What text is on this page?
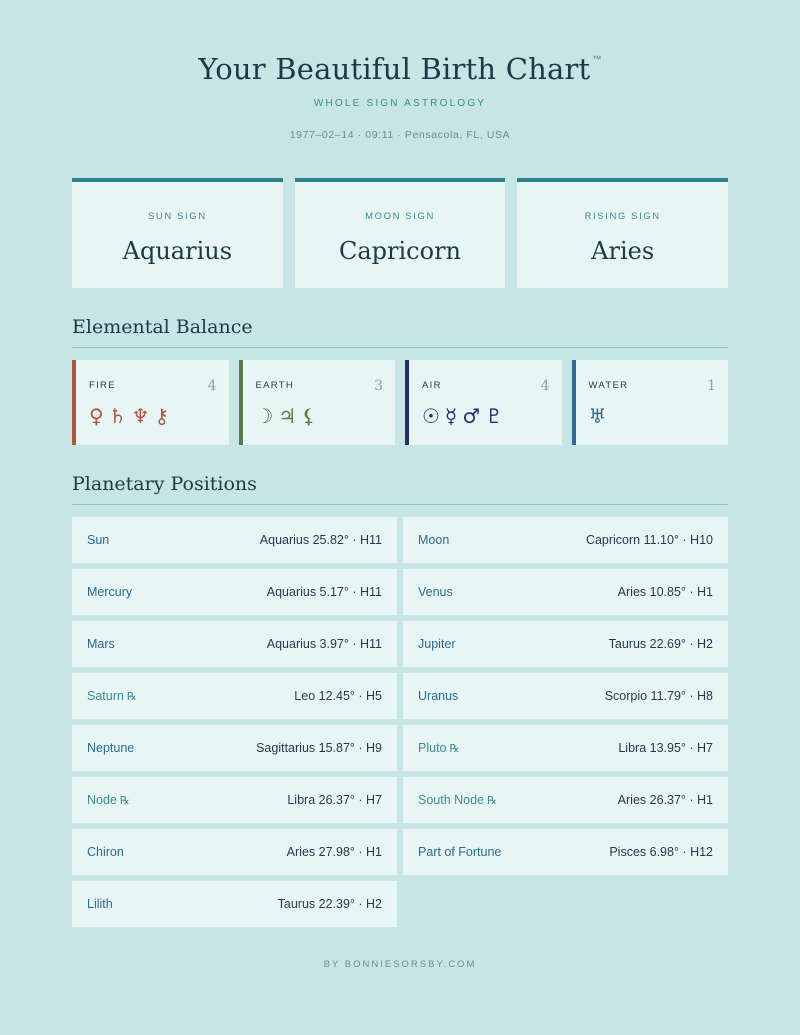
Your Beautiful Birth Chart ™
WHOLE SIGN ASTROLOGY
1977–02–14 · 09:11 · Pensacola, FL, USA
SUN SIGN
Aquarius
MOON SIGN
Capricorn
RISING SIGN
Aries
Elemental Balance
FIRE	4
♀♄♆⚷
EARTH	3
☽♃⚸
AIR	4
☉☿♂♇
WATER	1
♅
Planetary Positions
Sun	Aquarius 25.82° · H11	Moon	Capricorn 11.10° · H10
Mercury	Aquarius 5.17° · H11	Venus	Aries 10.85° · H1
Mars	Aquarius 3.97° · H11	Jupiter	Taurus 22.69° · H2
Saturn ℞	Leo 12.45° · H5	Uranus	Scorpio 11.79° · H8
Neptune	Sagittarius 15.87° · H9	Pluto ℞	Libra 13.95° · H7
Node ℞	Libra 26.37° · H7	South Node ℞	Aries 26.37° · H1
Chiron	Aries 27.98° · H1	Part of Fortune	Pisces 6.98° · H12
Lilith	Taurus 22.39° · H2
BY BONNIESORSBY.COM
